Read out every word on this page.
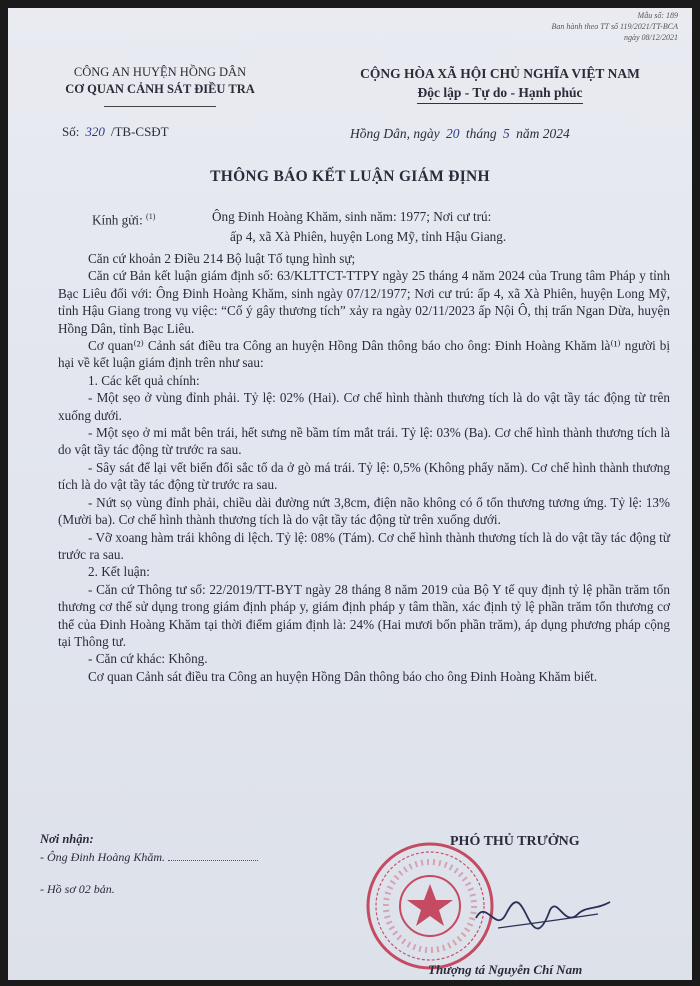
Mẫu số: 189
Ban hành theo TT số 119/2021/TT-BCA
ngày 08/12/2021
CÔNG AN HUYỆN HỒNG DÂN
CƠ QUAN CẢNH SÁT ĐIỀU TRA
CỘNG HÒA XÃ HỘI CHỦ NGHĨA VIỆT NAM
Độc lập - Tự do - Hạnh phúc
Số: 320 /TB-CSĐT	Hồng Dân, ngày 20 tháng 5 năm 2024
THÔNG BÁO KẾT LUẬN GIÁM ĐỊNH
Kính gửi: $^{(1)}$	Ông Đinh Hoàng Khăm, sinh năm: 1977; Nơi cư trú:
ấp 4, xã Xà Phiên, huyện Long Mỹ, tỉnh Hậu Giang.

Căn cứ khoản 2 Điều 214 Bộ luật Tố tụng hình sự;

Căn cứ Bản kết luận giám định số: 63/KLTTCT-TTPY ngày 25 tháng 4 năm 2024 của Trung tâm Pháp y tỉnh Bạc Liêu đối với: Ông Đinh Hoàng Khăm, sinh ngày 07/12/1977; Nơi cư trú: ấp 4, xã Xà Phiên, huyện Long Mỹ, tỉnh Hậu Giang trong vụ việc: “Cố ý gây thương tích” xảy ra ngày 02/11/2023 ấp Nội Ô, thị trấn Ngan Dừa, huyện Hồng Dân, tỉnh Bạc Liêu.

Cơ quan⁽²⁾ Cảnh sát điều tra Công an huyện Hồng Dân thông báo cho ông: Đinh Hoàng Khăm là⁽¹⁾ người bị hại về kết luận giám định trên như sau:

1. Các kết quả chính:

- Một sẹo ở vùng đỉnh phải. Tỷ lệ: 02% (Hai). Cơ chế hình thành thương tích là do vật tầy tác động từ trên xuống dưới.

- Một sẹo ở mi mắt bên trái, hết sưng nề bầm tím mắt trái. Tỷ lệ: 03% (Ba). Cơ chế hình thành thương tích là do vật tầy tác động từ trước ra sau.

- Sây sát để lại vết biến đổi sắc tố da ở gò má trái. Tỷ lệ: 0,5% (Không phẩy năm). Cơ chế hình thành thương tích là do vật tầy tác động từ trước ra sau.

- Nứt sọ vùng đỉnh phải, chiều dài đường nứt 3,8cm, điện não không có ổ tổn thương tương ứng. Tỷ lệ: 13% (Mười ba). Cơ chế hình thành thương tích là do vật tầy tác động từ trên xuống dưới.

- Vỡ xoang hàm trái không di lệch. Tỷ lệ: 08% (Tám). Cơ chế hình thành thương tích là do vật tầy tác động từ trước ra sau.

2. Kết luận:

- Căn cứ Thông tư số: 22/2019/TT-BYT ngày 28 tháng 8 năm 2019 của Bộ Y tế quy định tỷ lệ phần trăm tổn thương cơ thể sử dụng trong giám định pháp y, giám định pháp y tâm thần, xác định tỷ lệ phần trăm tổn thương cơ thể của Đinh Hoàng Khăm tại thời điểm giám định là: 24% (Hai mươi bốn phần trăm), áp dụng phương pháp cộng tại Thông tư.

- Căn cứ khác: Không.

Cơ quan Cảnh sát điều tra Công an huyện Hồng Dân thông báo cho ông Đinh Hoàng Khăm biết.

Nơi nhận:
- Ông Đinh Hoàng Khăm.
- Hồ sơ 02 bản.
PHÓ THỦ TRƯỞNG
Thượng tá Nguyễn Chí Nam
